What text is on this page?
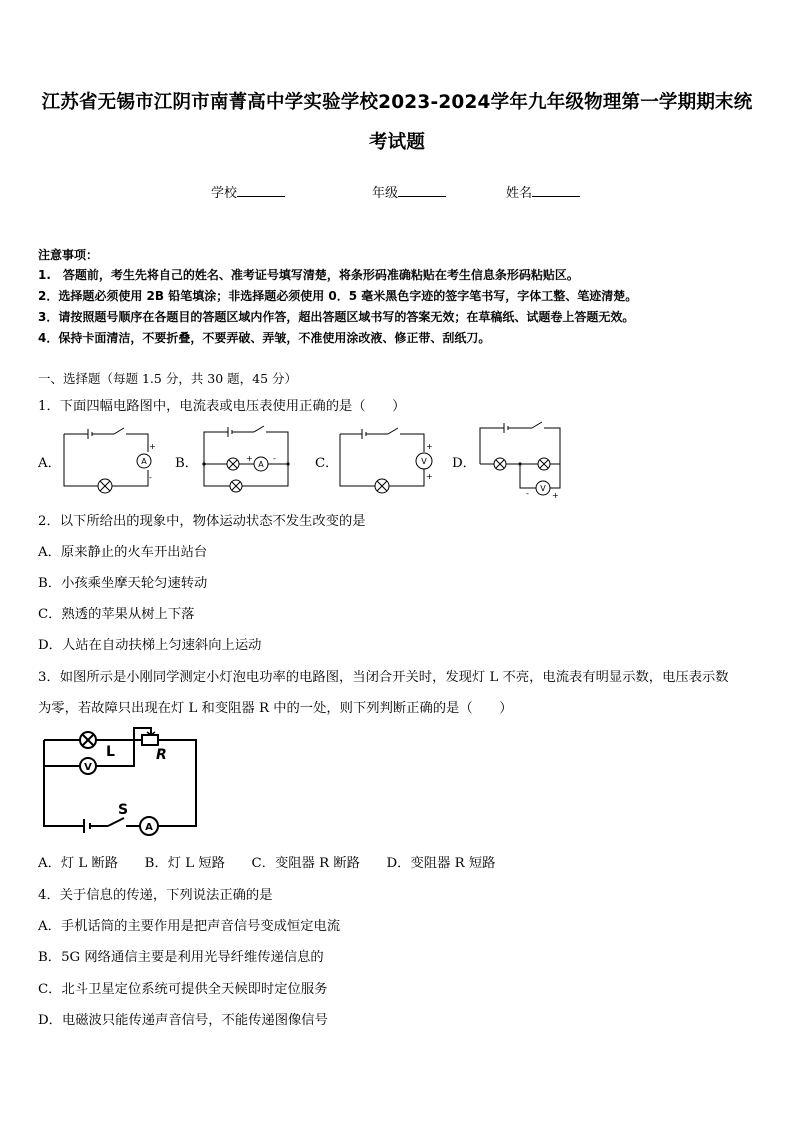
江苏省无锡市江阴市南菁高中学实验学校2023-2024学年九年级物理第一学期期末统
考试题
学校	年级	姓名
注意事项：
1.　答题前，考生先将自己的姓名、准考证号填写清楚，将条形码准确粘贴在考生信息条形码粘贴区。
2．选择题必须使用 2B 铅笔填涂；非选择题必须使用 0．5 毫米黑色字迹的签字笔书写，字体工整、笔迹清楚。
3．请按照题号顺序在各题目的答题区域内作答，超出答题区域书写的答案无效；在草稿纸、试题卷上答题无效。
4．保持卡面清洁，不要折叠，不要弄破、弄皱，不准使用涂改液、修正带、刮纸刀。
一、选择题（每题 1.5 分，共 30 题，45 分）
1．下面四幅电路图中，电流表或电压表使用正确的是（　　）
A．	B．	C．	D．
A
+
-
A
+	-	V
+
+
V
-	+
2．以下所给出的现象中，物体运动状态不发生改变的是
A．原来静止的火车开出站台
B．小孩乘坐摩天轮匀速转动
C．熟透的苹果从树上下落
D．人站在自动扶梯上匀速斜向上运动
3．如图所示是小刚同学测定小灯泡电功率的电路图，当闭合开关时，发现灯 L 不亮，电流表有明显示数，电压表示数
为零，若故障只出现在灯 L 和变阻器 R 中的一处，则下列判断正确的是（　　）
L	R
S
V
A
A．灯 L 断路　　B．灯 L 短路　　C．变阻器 R 断路　　D．变阻器 R 短路
4．关于信息的传递，下列说法正确的是
A．手机话筒的主要作用是把声音信号变成恒定电流
B．5G 网络通信主要是利用光导纤维传递信息的
C．北斗卫星定位系统可提供全天候即时定位服务
D．电磁波只能传递声音信号，不能传递图像信号
